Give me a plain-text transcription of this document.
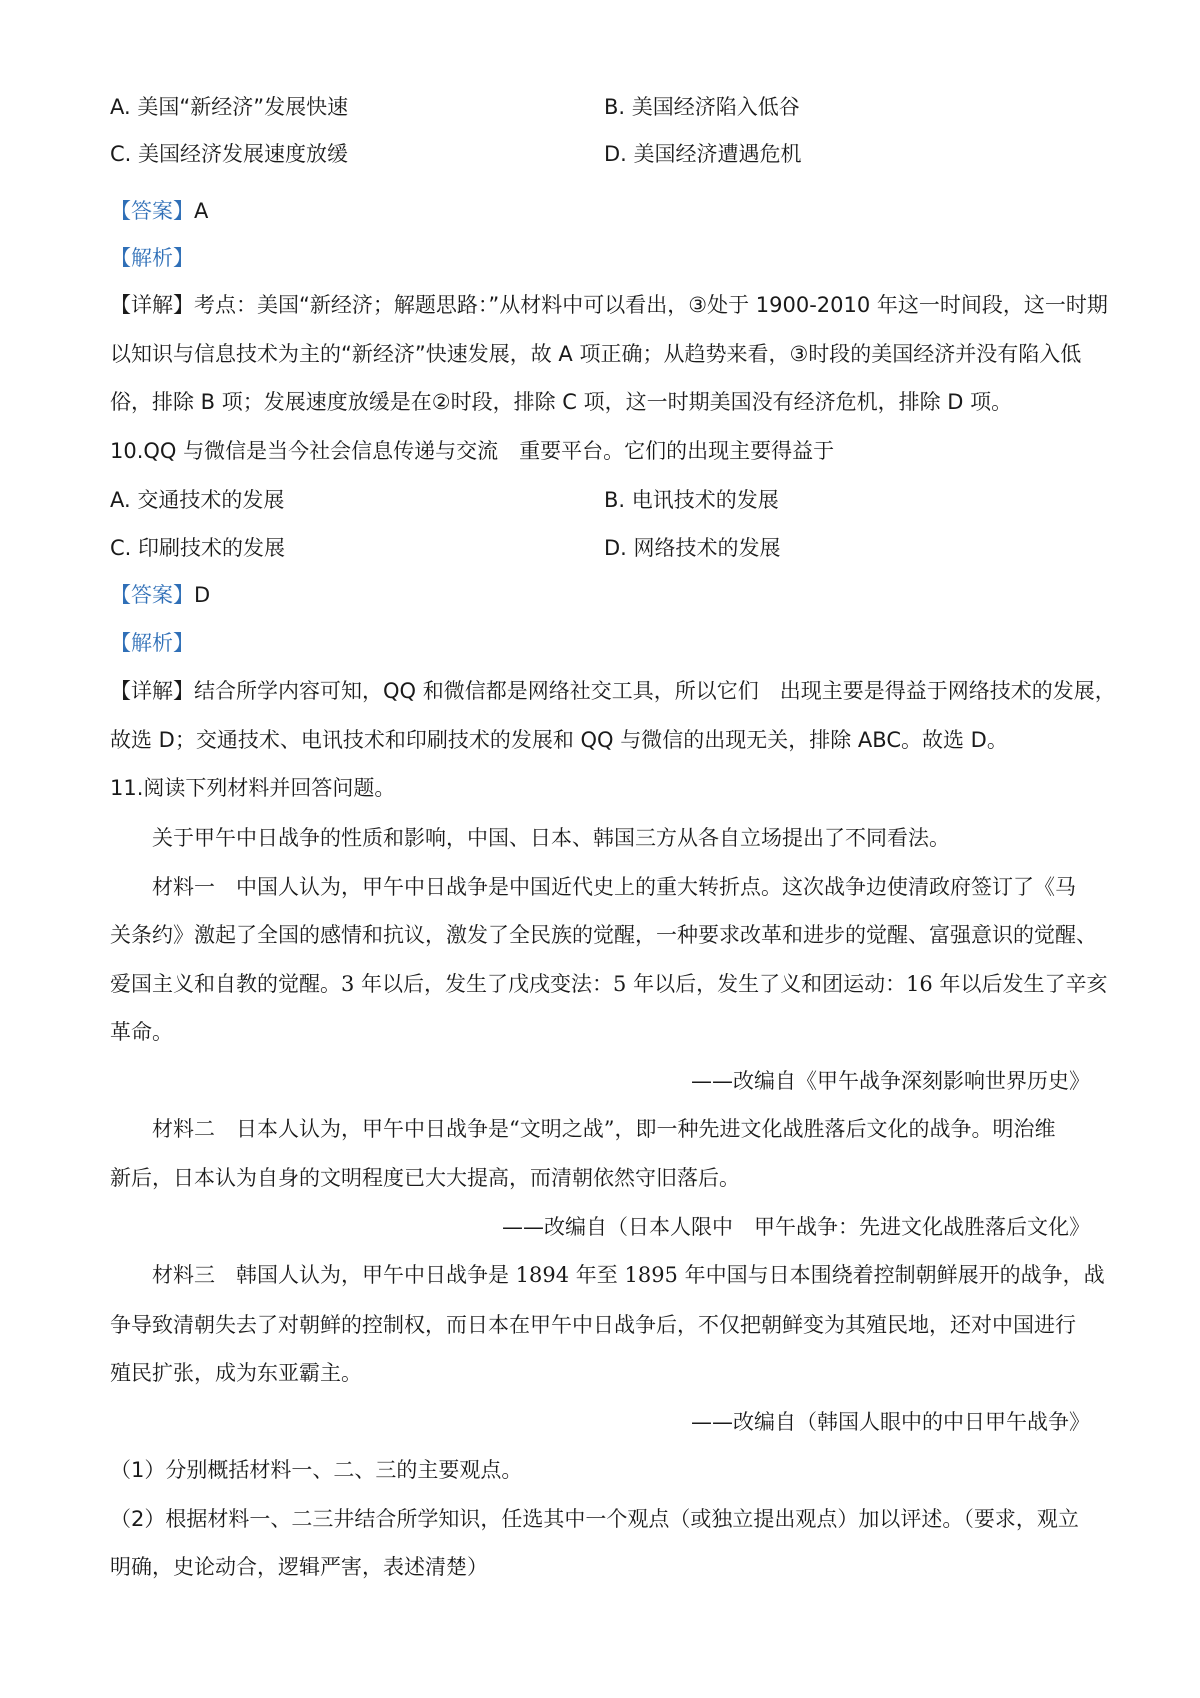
A. 美国“新经济”发展快速	B. 美国经济陷入低谷
C. 美国经济发展速度放缓	D. 美国经济遭遇危机
【答案】A
【解析】
【详解】考点：美国“新经济；解题思路：”从材料中可以看出，③处于 1900-2010 年这一时间段，这一时期
以知识与信息技术为主的“新经济”快速发展，故 A 项正确；从趋势来看，③时段的美国经济并没有陷入低
俗，排除 B 项；发展速度放缓是在②时段，排除 C 项，这一时期美国没有经济危机，排除 D 项。
10.QQ 与微信是当今社会信息传递与交流　重要平台。它们的出现主要得益于
A. 交通技术的发展	B. 电讯技术的发展
C. 印刷技术的发展	D. 网络技术的发展
【答案】D
【解析】
【详解】结合所学内容可知，QQ 和微信都是网络社交工具，所以它们　出现主要是得益于网络技术的发展，
故选 D；交通技术、电讯技术和印刷技术的发展和 QQ 与微信的出现无关，排除 ABC。故选 D。
11.阅读下列材料并回答问题。
关于甲午中日战争的性质和影响，中国、日本、韩国三方从各自立场提出了不同看法。
材料一　中国人认为，甲午中日战争是中国近代史上的重大转折点。这次战争边使清政府签订了《马
关条约》激起了全国的感情和抗议，激发了全民族的觉醒，一种要求改革和进步的觉醒、富强意识的觉醒、
爱国主义和自教的觉醒。3 年以后，发生了戊戌变法：5 年以后，发生了义和团运动：16 年以后发生了辛亥
革命。
——改编自《甲午战争深刻影响世界历史》
材料二　日本人认为，甲午中日战争是“文明之战”，即一种先进文化战胜落后文化的战争。明治维
新后，日本认为自身的文明程度已大大提高，而清朝依然守旧落后。
——改编自（日本人限中　甲午战争：先进文化战胜落后文化》
材料三　韩国人认为，甲午中日战争是 1894 年至 1895 年中国与日本围绕着控制朝鲜展开的战争，战
争导致清朝失去了对朝鲜的控制权，而日本在甲午中日战争后，不仅把朝鲜变为其殖民地，还对中国进行
殖民扩张，成为东亚霸主。
——改编自（韩国人眼中的中日甲午战争》
（1）分别概括材料一、二、三的主要观点。
（2）根据材料一、二三井结合所学知识，任选其中一个观点（或独立提出观点）加以评述。（要求，观立
明确，史论动合，逻辑严害，表述清楚）
